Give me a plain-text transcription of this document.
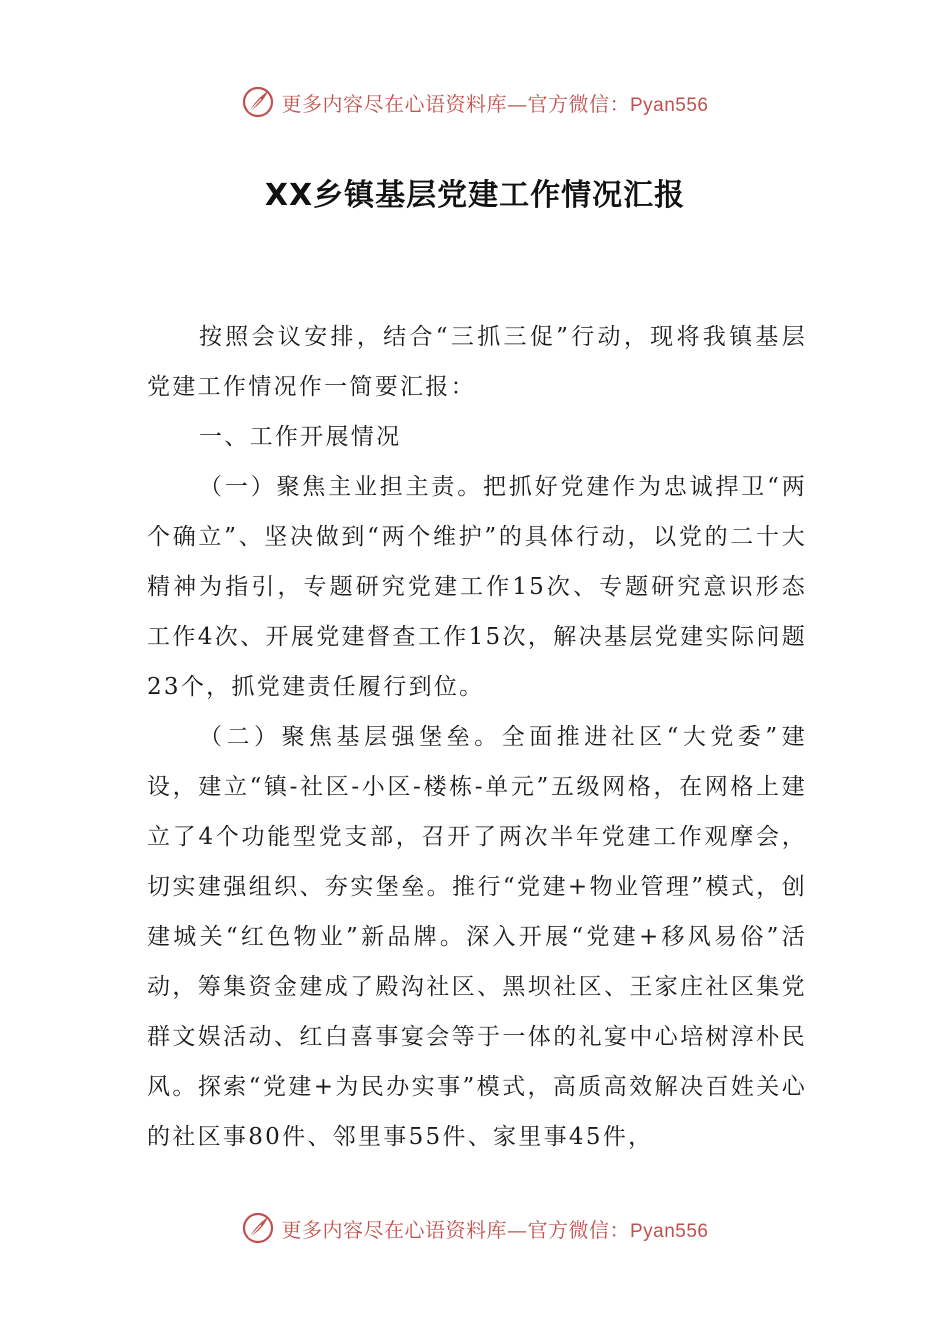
更多内容尽在心语资料库—官方微信：Pyan556
XX乡镇基层党建工作情况汇报

按照会议安排，结合“三抓三促”行动，现将我镇基层党建工作情况作一简要汇报：

一、工作开展情况

（一）聚焦主业担主责。把抓好党建作为忠诚捍卫“两个确立”、坚决做到“两个维护”的具体行动，以党的二十大精神为指引，专题研究党建工作15次、专题研究意识形态工作4次、开展党建督查工作15次，解决基层党建实际问题23个，抓党建责任履行到位。

（二）聚焦基层强堡垒。全面推进社区“大党委”建设，建立“镇-社区-小区-楼栋-单元”五级网格，在网格上建立了4个功能型党支部，召开了两次半年党建工作观摩会，切实建强组织、夯实堡垒。推行“党建+物业管理”模式，创建城关“红色物业”新品牌。深入开展“党建+移风易俗”活动，筹集资金建成了殿沟社区、黑坝社区、王家庄社区集党群文娱活动、红白喜事宴会等于一体的礼宴中心培树淳朴民风。探索“党建+为民办实事”模式，高质高效解决百姓关心的社区事80件、邻里事55件、家里事45件，

更多内容尽在心语资料库—官方微信：Pyan556
